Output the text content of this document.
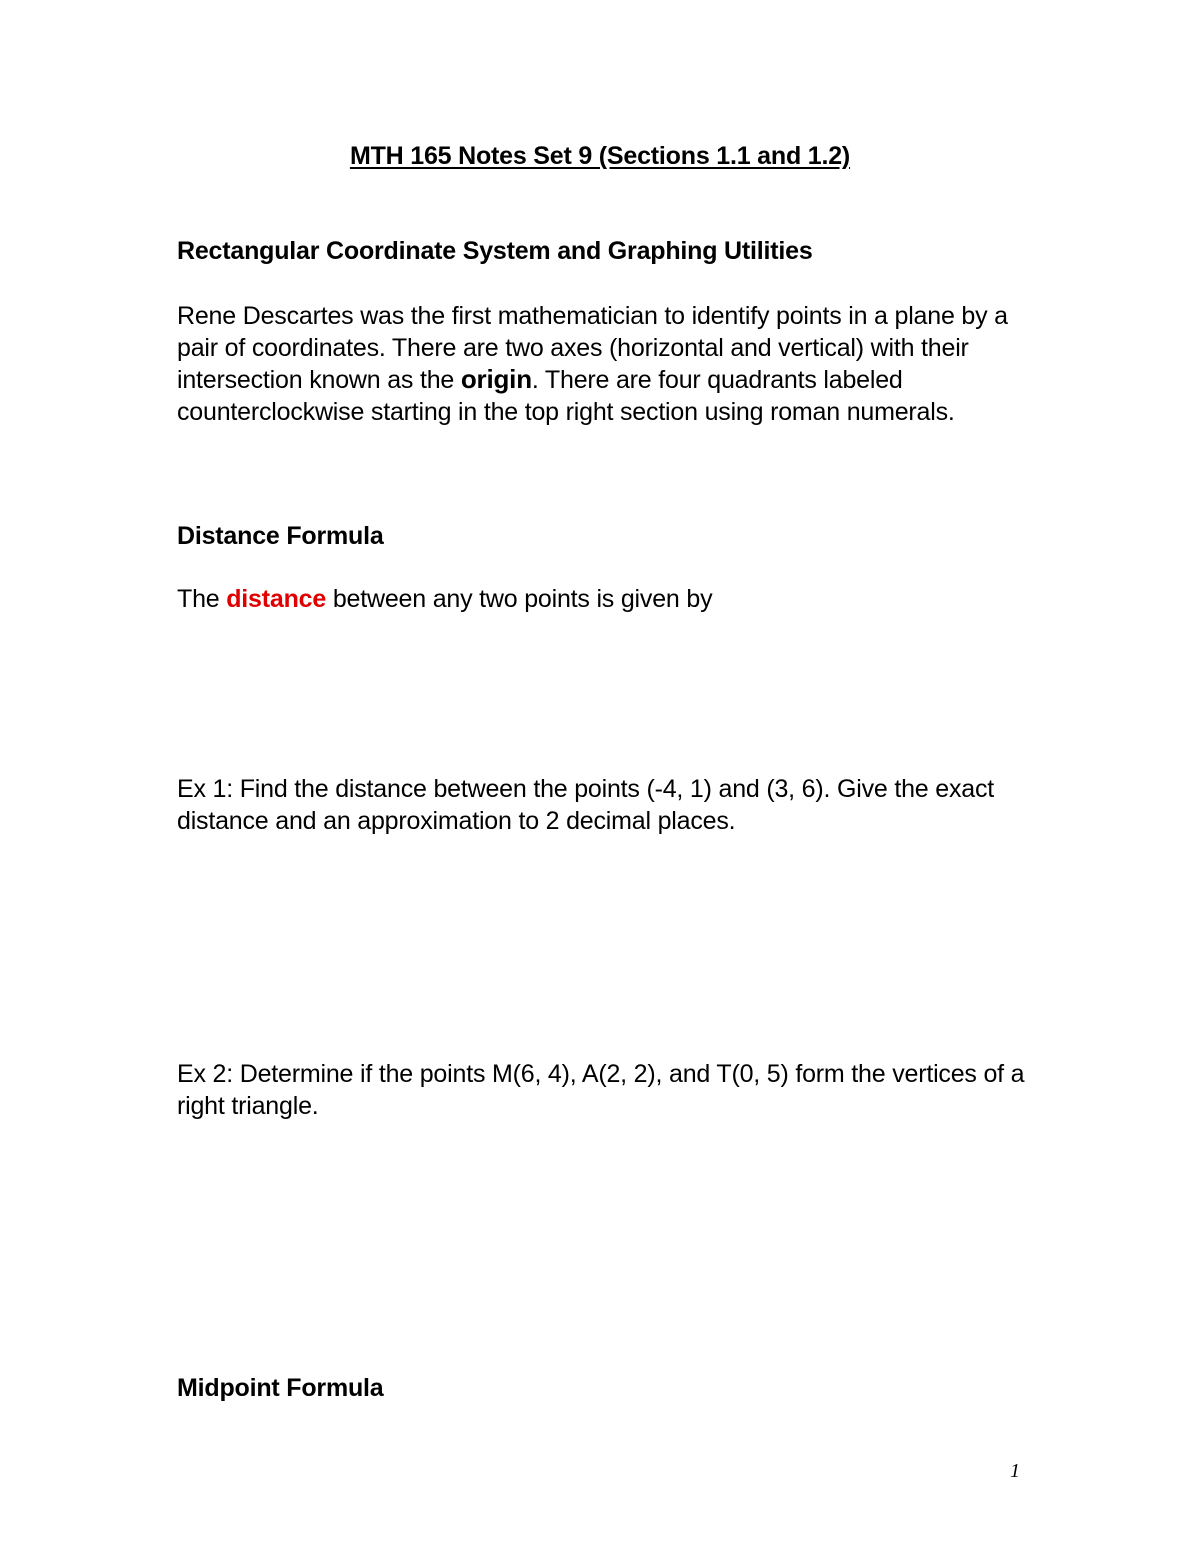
MTH 165 Notes Set 9 (Sections 1.1 and 1.2)
Rectangular Coordinate System and Graphing Utilities
Rene Descartes was the first mathematician to identify points in a plane by a pair of coordinates. There are two axes (horizontal and vertical) with their intersection known as the origin. There are four quadrants labeled counterclockwise starting in the top right section using roman numerals.
Distance Formula
The distance between any two points is given by
Ex 1: Find the distance between the points (-4, 1) and (3, 6). Give the exact distance and an approximation to 2 decimal places.
Ex 2: Determine if the points M(6, 4), A(2, 2), and T(0, 5) form the vertices of a right triangle.
Midpoint Formula
1
